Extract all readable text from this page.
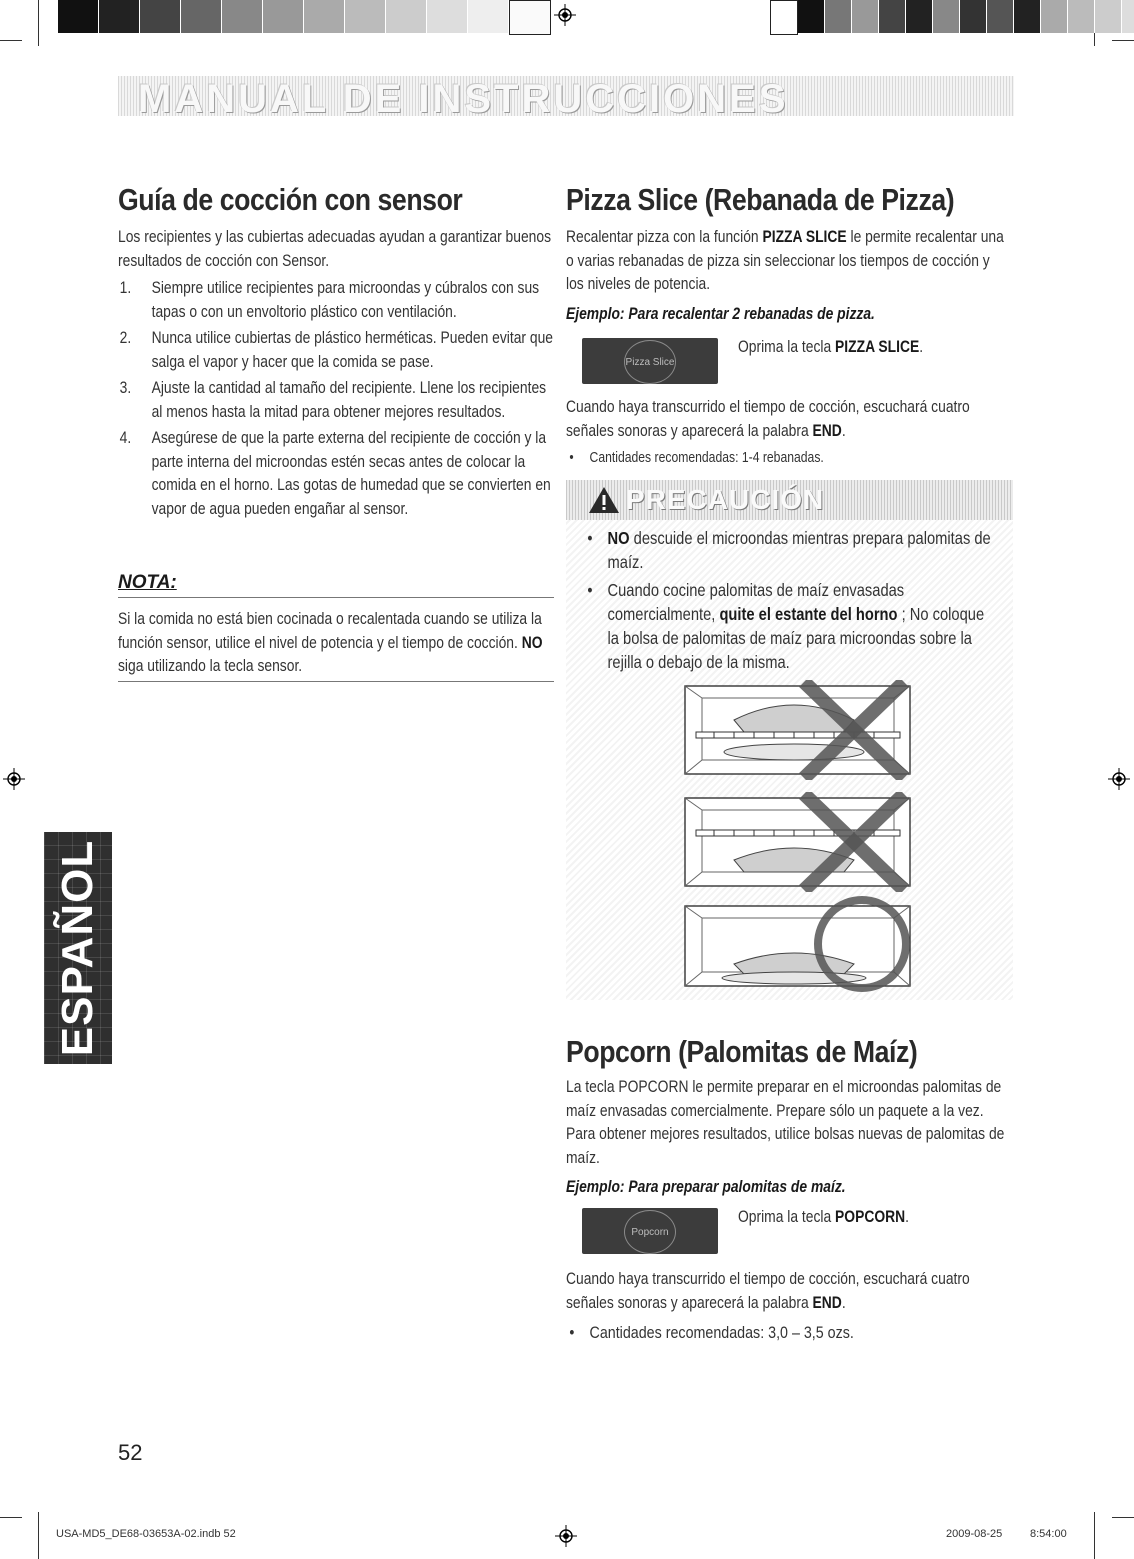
MANUAL DE INSTRUCCIONES
ESPAÑOL
Guía de cocción con sensor

Los recipientes y las cubiertas adecuadas ayudan a garantizar buenos resultados de cocción con Sensor.

1. Siempre utilice recipientes para microondas y cúbralos con sus tapas o con un envoltorio plástico con ventilación.
2. Nunca utilice cubiertas de plástico herméticas. Pueden evitar que salga el vapor y hacer que la comida se pase.
3. Ajuste la cantidad al tamaño del recipiente. Llene los recipientes al menos hasta la mitad para obtener mejores resultados.
4. Asegúrese de que la parte externa del recipiente de cocción y la parte interna del microondas estén secas antes de colocar la comida en el horno. Las gotas de humedad que se convierten en vapor de agua pueden engañar al sensor.
NOTA:

Si la comida no está bien cocinada o recalentada cuando se utiliza la función sensor, utilice el nivel de potencia y el tiempo de cocción. NO siga utilizando la tecla sensor.

Pizza Slice (Rebanada de Pizza)

Recalentar pizza con la función PIZZA SLICE le permite recalentar una o varias rebanadas de pizza sin seleccionar los tiempos de cocción y los niveles de potencia.

Ejemplo: Para recalentar 2 rebanadas de pizza.

Pizza Slice

Oprima la tecla PIZZA SLICE.

Cuando haya transcurrido el tiempo de cocción, escuchará cuatro señales sonoras y aparecerá la palabra END.

• Cantidades recomendadas: 1-4 rebanadas.

PRECAUCIÓN

• NO descuide el microondas mientras prepara palomitas de maíz.

• Cuando cocine palomitas de maíz envasadas comercialmente, quite el estante del horno ; No coloque la bolsa de palomitas de maíz para microondas sobre la rejilla o debajo de la misma.

Popcorn (Palomitas de Maíz)

La tecla POPCORN le permite preparar en el microondas palomitas de maíz envasadas comercialmente. Prepare sólo un paquete a la vez. Para obtener mejores resultados, utilice bolsas nuevas de palomitas de maíz.

Ejemplo: Para preparar palomitas de maíz.

Popcorn

Oprima la tecla POPCORN.

Cuando haya transcurrido el tiempo de cocción, escuchará cuatro señales sonoras y aparecerá la palabra END.

• Cantidades recomendadas: 3,0 – 3,5 ozs.

52
USA-MD5_DE68-03653A-02.indb 52	2009-08-25	8:54:00
